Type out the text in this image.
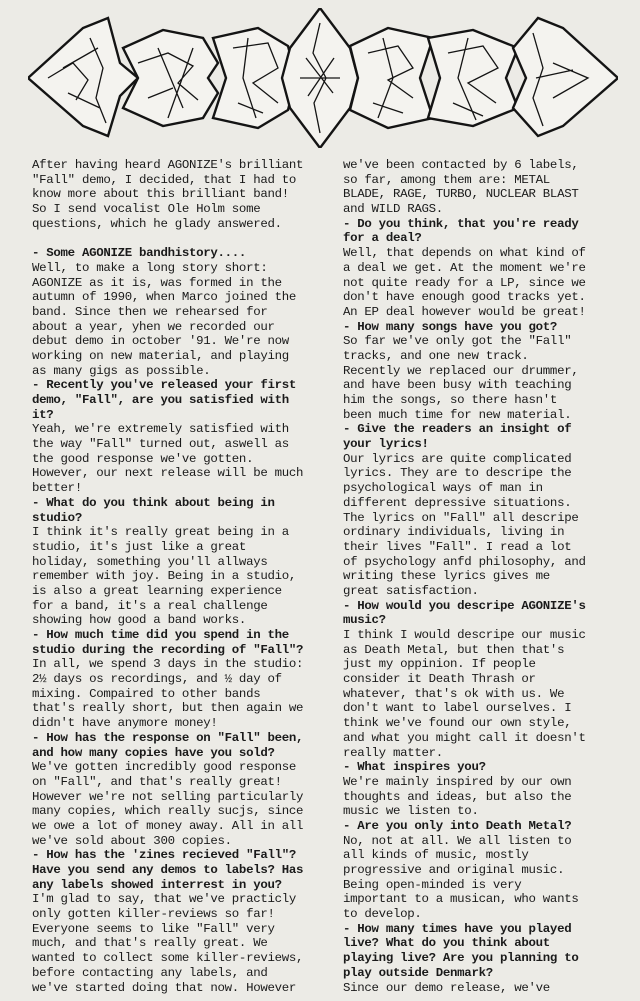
After having heard AGONIZE's brilliant
"Fall" demo, I decided, that I had to
know more about this brilliant band!
So I send vocalist Ole Holm some
questions, which he glady answered.
- Some AGONIZE bandhistory....
Well, to make a long story short:
AGONIZE as it is, was formed in the
autumn of 1990, when Marco joined the
band. Since then we rehearsed for
about a year, yhen we recorded our
debut demo in october '91. We're now
working on new material, and playing
as many gigs as possible.
- Recently you've released your first
demo, "Fall", are you satisfied with
it?
Yeah, we're extremely satisfied with
the way "Fall" turned out, aswell as
the good response we've gotten.
However, our next release will be much
better!
- What do you think about being in
studio?
I think it's really great being in a
studio, it's just like a great
holiday, something you'll allways
remember with joy. Being in a studio,
is also a great learning experience
for a band, it's a real challenge
showing how good a band works.
- How much time did you spend in the
studio during the recording of "Fall"?
In all, we spend 3 days in the studio:
2½ days os recordings, and ½ day of
mixing. Compaired to other bands
that's really short, but then again we
didn't have anymore money!
- How has the response on "Fall" been,
and how many copies have you sold?
We've gotten incredibly good response
on "Fall", and that's really great!
However we're not selling particularly
many copies, which really sucjs, since
we owe a lot of money away. All in all
we've sold about 300 copies.
- How has the 'zines recieved "Fall"?
Have you send any demos to labels? Has
any labels showed interrest in you?
I'm glad to say, that we've practicly
only gotten killer-reviews so far!
Everyone seems to like "Fall" very
much, and that's really great. We
wanted to collect some killer-reviews,
before contacting any labels, and
we've started doing that now. However
we've been contacted by 6 labels,
so far, among them are: METAL
BLADE, RAGE, TURBO, NUCLEAR BLAST
and WILD RAGS.
- Do you think, that you're ready
for a deal?
Well, that depends on what kind of
a deal we get. At the moment we're
not quite ready for a LP, since we
don't have enough good tracks yet.
An EP deal however would be great!
- How many songs have you got?
So far we've only got the "Fall"
tracks, and one new track.
Recently we replaced our drummer,
and have been busy with teaching
him the songs, so there hasn't
been much time for new material.
- Give the readers an insight of
your lyrics!
Our lyrics are quite complicated
lyrics. They are to descripe the
psychological ways of man in
different depressive situations.
The lyrics on "Fall" all descripe
ordinary individuals, living in
their lives "Fall". I read a lot
of psychology anfd philosophy, and
writing these lyrics gives me
great satisfaction.
- How would you descripe AGONIZE's
music?
I think I would descripe our music
as Death Metal, but then that's
just my oppinion. If people
consider it Death Thrash or
whatever, that's ok with us. We
don't want to label ourselves. I
think we've found our own style,
and what you might call it doesn't
really matter.
- What inspires you?
We're mainly inspired by our own
thoughts and ideas, but also the
music we listen to.
- Are you only into Death Metal?
No, not at all. We all listen to
all kinds of music, mostly
progressive and original music.
Being open-minded is very
important to a musican, who wants
to develop.
- How many times have you played
live? What do you think about
playing live? Are you planning to
play outside Denmark?
Since our demo release, we've
